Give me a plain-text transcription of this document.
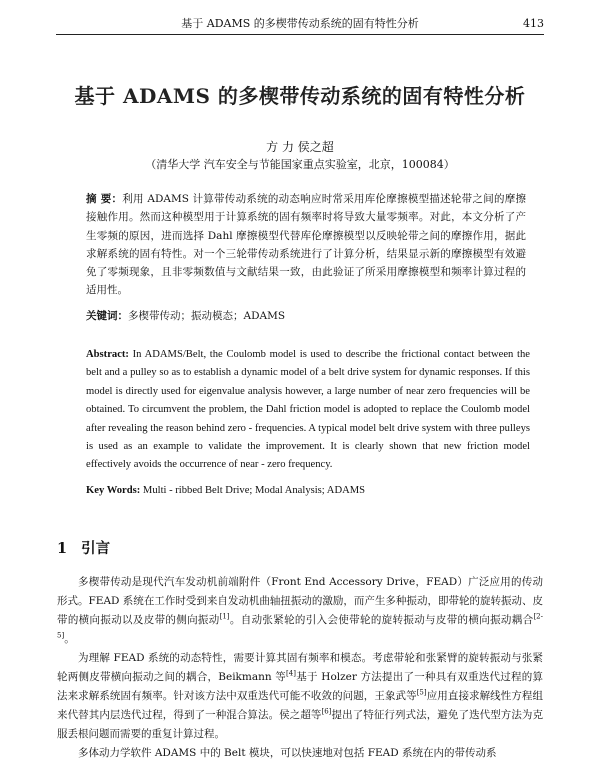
基于 ADAMS 的多楔带传动系统的固有特性分析	413
基于 ADAMS 的多楔带传动系统的固有特性分析
方 力 侯之超
（清华大学 汽车安全与节能国家重点实验室，北京，100084）
摘 要：利用 ADAMS 计算带传动系统的动态响应时常采用库伦摩擦模型描述轮带之间的摩擦接触作用。然而这种模型用于计算系统的固有频率时将导致大量零频率。对此，本文分析了产生零频的原因，进而选择 Dahl 摩擦模型代替库伦摩擦模型以反映轮带之间的摩擦作用，据此求解系统的固有特性。对一个三轮带传动系统进行了计算分析，结果显示新的摩擦模型有效避免了零频现象，且非零频数值与文献结果一致，由此验证了所采用摩擦模型和频率计算过程的适用性。
关键词：多楔带传动；振动模态；ADAMS
Abstract: In ADAMS/Belt, the Coulomb model is used to describe the frictional contact between the belt and a pulley so as to establish a dynamic model of a belt drive system for dynamic responses. If this model is directly used for eigenvalue analysis however, a large number of near zero frequencies will be obtained. To circumvent the problem, the Dahl friction model is adopted to replace the Coulomb model after revealing the reason behind zero - frequencies. A typical model belt drive system with three pulleys is used as an example to validate the improvement. It is clearly shown that new friction model effectively avoids the occurrence of near - zero frequency.
Key Words: Multi - ribbed Belt Drive; Modal Analysis; ADAMS
1 引言

多楔带传动是现代汽车发动机前端附件（Front End Accessory Drive，FEAD）广泛应用的传动形式。FEAD 系统在工作时受到来自发动机曲轴扭振动的激励，而产生多种振动，即带轮的旋转振动、皮带的横向振动以及皮带的侧向振动[1]。自动张紧轮的引入会使带轮的旋转振动与皮带的横向振动耦合[2-5]。

为理解 FEAD 系统的动态特性，需要计算其固有频率和模态。考虑带轮和张紧臂的旋转振动与张紧轮两侧皮带横向振动之间的耦合，Beikmann 等[4]基于 Holzer 方法提出了一种具有双重迭代过程的算法来求解系统固有频率。针对该方法中双重迭代可能不收敛的问题，王象武等[5]应用直接求解线性方程组来代替其内层迭代过程，得到了一种混合算法。侯之超等[6]提出了特征行列式法，避免了迭代型方法为克服丢根问题而需要的重复计算过程。

多体动力学软件 ADAMS 中的 Belt 模块，可以快速地对包括 FEAD 系统在内的带传动系
